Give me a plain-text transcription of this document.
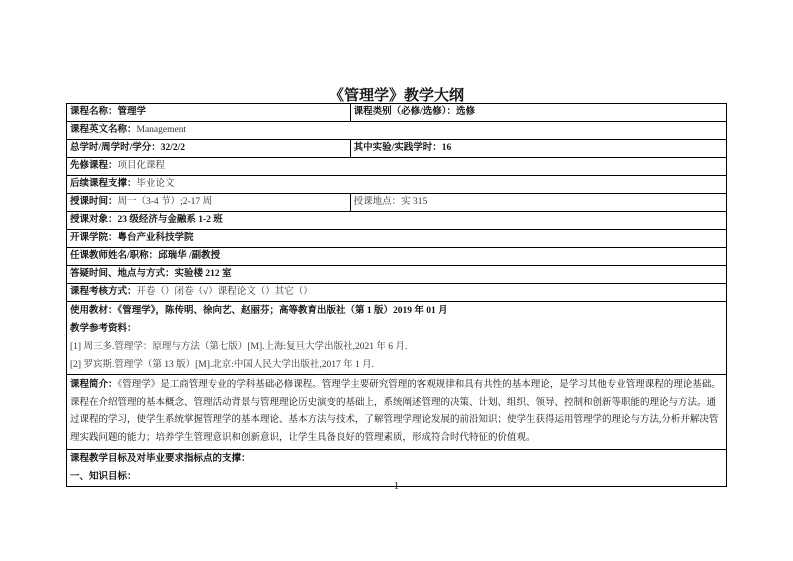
《管理学》教学大纲
课程名称：管理学	课程类别（必修/选修）：选修
课程英文名称：Management	
总学时/周学时/学分：32/2/2	其中实验/实践学时：16
先修课程：项目化课程	
后续课程支撑：毕业论文	
授课时间：周一（3-4 节）;2-17 周	授课地点：实 315
授课对象：23 级经济与金融系 1-2 班	
开课学院：粤台产业科技学院	
任课教师姓名/职称：邱瑞华 /副教授	
答疑时间、地点与方式：实验楼 212 室	
课程考核方式：开卷（）闭卷（√）课程论文（）其它（）	

使用教材：《管理学》，陈传明、徐向艺、赵丽芬；高等教育出版社（第 1 版）2019 年 01 月
教学参考资料：
[1] 周三多.管理学：原理与方法（第七版）[M].上海:复旦大学出版社,2021 年 6 月.
[2] 罗宾斯.管理学（第 13 版）[M].北京:中国人民大学出版社,2017 年 1 月.	

课程简介：《管理学》是工商管理专业的学科基础必修课程。管理学主要研究管理的客观规律和具有共性的基本理论，是学习其他专业管理课程的理论基础。课程在介绍管理的基本概念、管理活动背景与管理理论历史演变的基础上，系统阐述管理的决策、计划、组织、领导、控制和创新等职能的理论与方法。通过课程的学习，使学生系统掌握管理学的基本理论、基本方法与技术，了解管理学理论发展的前沿知识；使学生获得运用管理学的理论与方法,分析并解决管理实践问题的能力；培养学生管理意识和创新意识，让学生具备良好的管理素质，形成符合时代特征的价值观。	

课程教学目标及对毕业要求指标点的支撑：
一、知识目标：	
1
